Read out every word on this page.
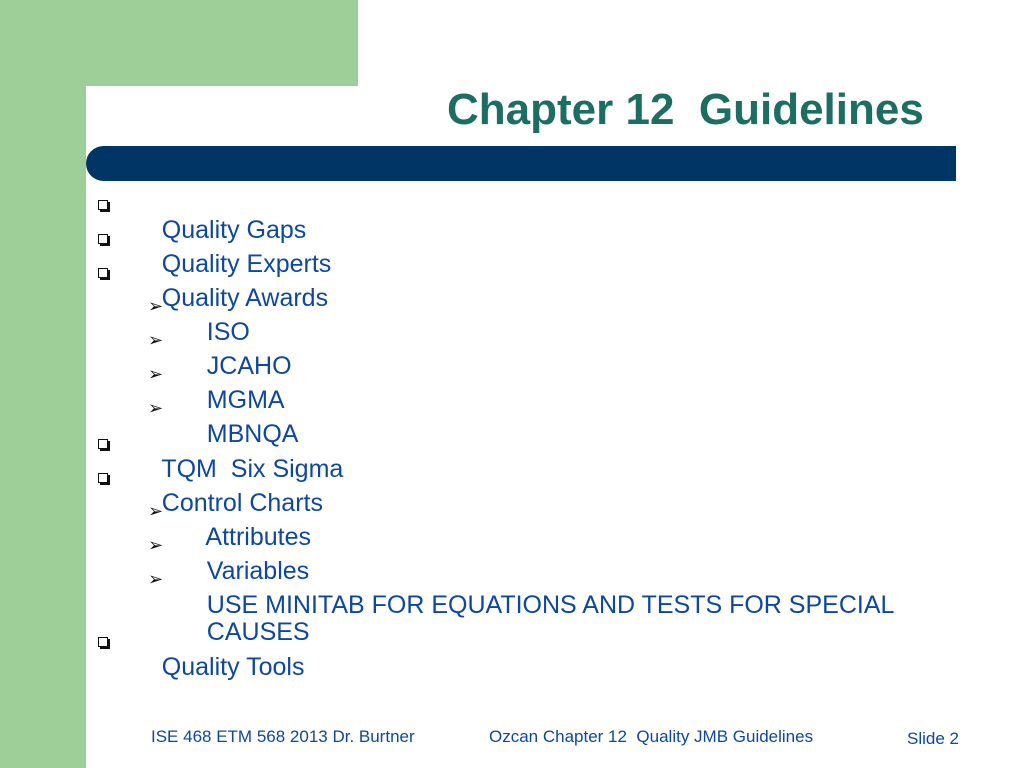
Chapter 12  Guidelines

Quality Gaps

Quality Experts

Quality Awards

➢

ISO

➢

JCAHO

➢

MGMA

➢

MBNQA

TQM  Six Sigma

Control Charts

➢

Attributes

➢

Variables

➢

USE MINITAB FOR EQUATIONS AND TESTS FOR SPECIAL

CAUSES

Quality Tools

ISE 468 ETM 568 2013 Dr. Burtner	Ozcan Chapter 12  Quality JMB Guidelines	Slide 2
